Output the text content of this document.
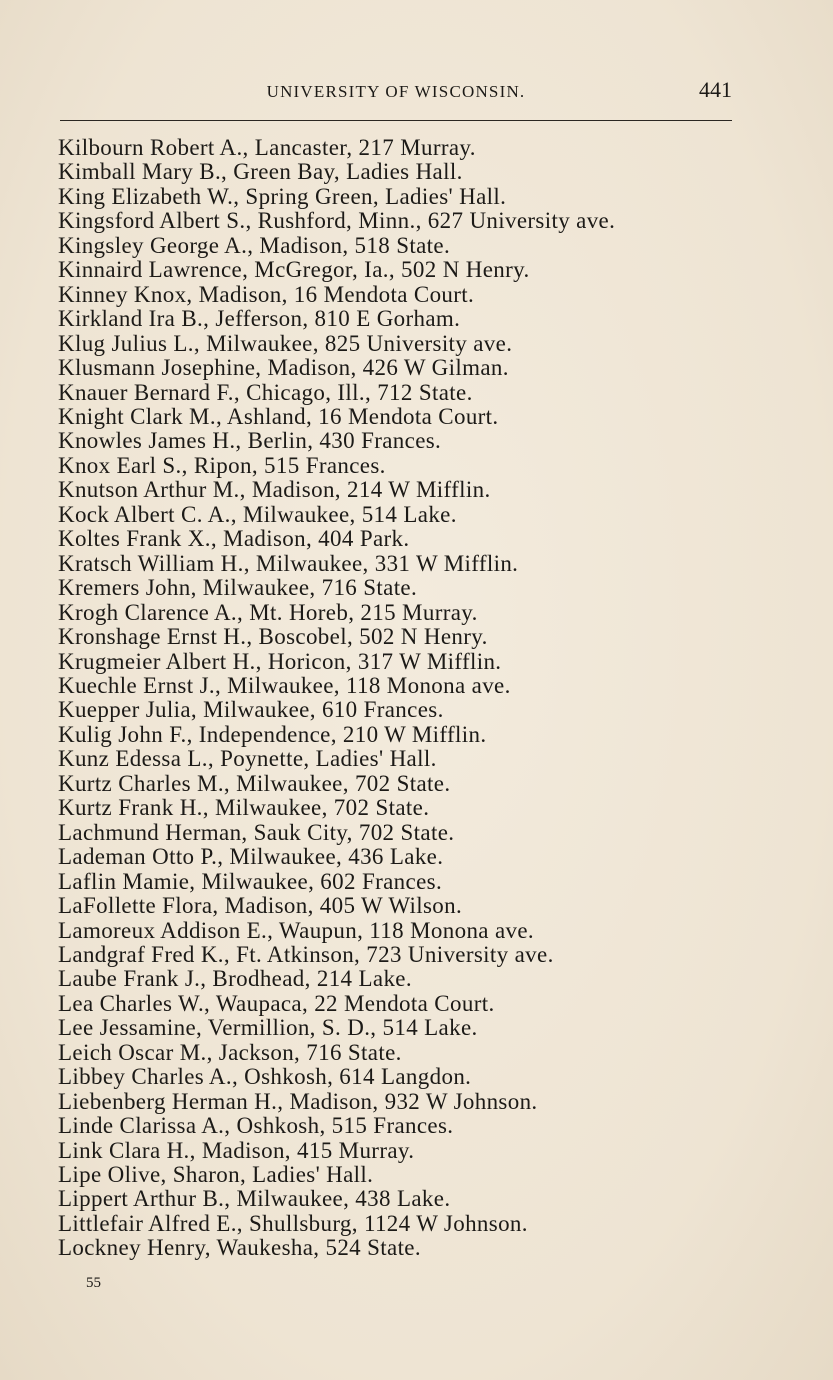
UNIVERSITY OF WISCONSIN.	441
Kilbourn Robert A., Lancaster, 217 Murray.
Kimball Mary B., Green Bay, Ladies Hall.
King Elizabeth W., Spring Green, Ladies' Hall.
Kingsford Albert S., Rushford, Minn., 627 University ave.
Kingsley George A., Madison, 518 State.
Kinnaird Lawrence, McGregor, Ia., 502 N Henry.
Kinney Knox, Madison, 16 Mendota Court.
Kirkland Ira B., Jefferson, 810 E Gorham.
Klug Julius L., Milwaukee, 825 University ave.
Klusmann Josephine, Madison, 426 W Gilman.
Knauer Bernard F., Chicago, Ill., 712 State.
Knight Clark M., Ashland, 16 Mendota Court.
Knowles James H., Berlin, 430 Frances.
Knox Earl S., Ripon, 515 Frances.
Knutson Arthur M., Madison, 214 W Mifflin.
Kock Albert C. A., Milwaukee, 514 Lake.
Koltes Frank X., Madison, 404 Park.
Kratsch William H., Milwaukee, 331 W Mifflin.
Kremers John, Milwaukee, 716 State.
Krogh Clarence A., Mt. Horeb, 215 Murray.
Kronshage Ernst H., Boscobel, 502 N Henry.
Krugmeier Albert H., Horicon, 317 W Mifflin.
Kuechle Ernst J., Milwaukee, 118 Monona ave.
Kuepper Julia, Milwaukee, 610 Frances.
Kulig John F., Independence, 210 W Mifflin.
Kunz Edessa L., Poynette, Ladies' Hall.
Kurtz Charles M., Milwaukee, 702 State.
Kurtz Frank H., Milwaukee, 702 State.
Lachmund Herman, Sauk City, 702 State.
Lademan Otto P., Milwaukee, 436 Lake.
Laflin Mamie, Milwaukee, 602 Frances.
LaFollette Flora, Madison, 405 W Wilson.
Lamoreux Addison E., Waupun, 118 Monona ave.
Landgraf Fred K., Ft. Atkinson, 723 University ave.
Laube Frank J., Brodhead, 214 Lake.
Lea Charles W., Waupaca, 22 Mendota Court.
Lee Jessamine, Vermillion, S. D., 514 Lake.
Leich Oscar M., Jackson, 716 State.
Libbey Charles A., Oshkosh, 614 Langdon.
Liebenberg Herman H., Madison, 932 W Johnson.
Linde Clarissa A., Oshkosh, 515 Frances.
Link Clara H., Madison, 415 Murray.
Lipe Olive, Sharon, Ladies' Hall.
Lippert Arthur B., Milwaukee, 438 Lake.
Littlefair Alfred E., Shullsburg, 1124 W Johnson.
Lockney Henry, Waukesha, 524 State.
55
